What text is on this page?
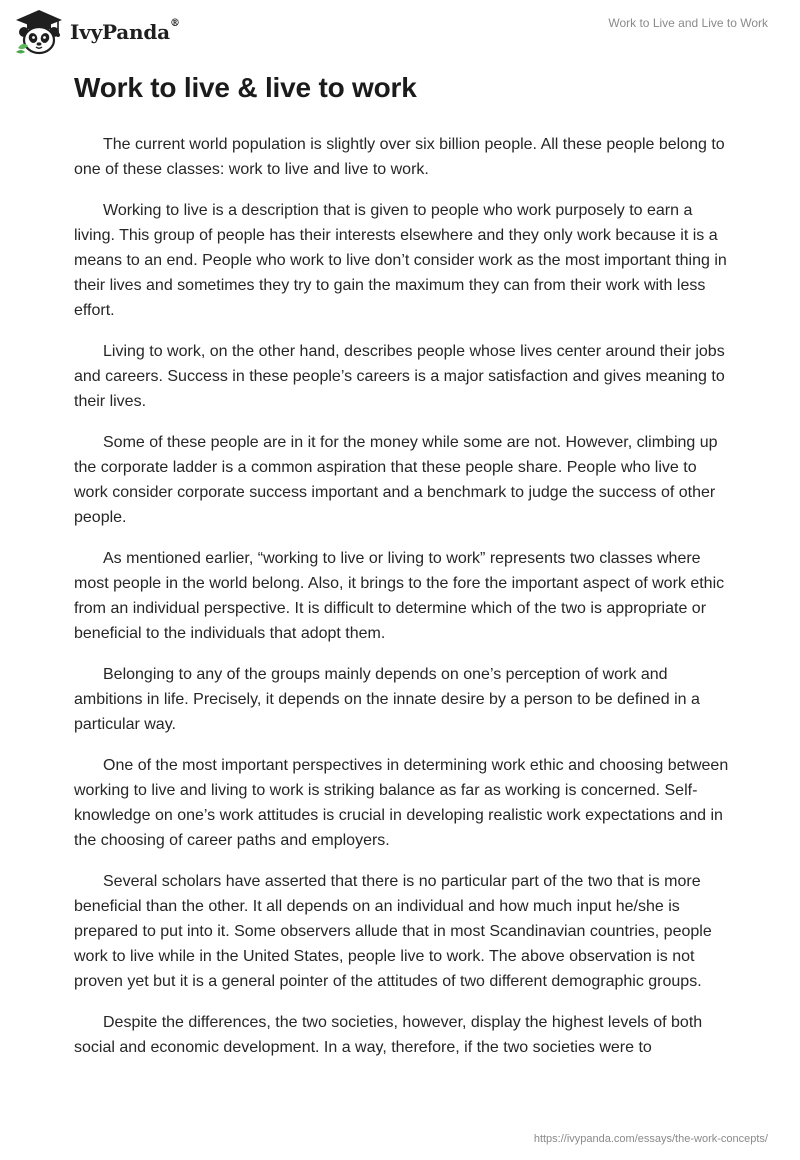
IvyPanda®	Work to Live and Live to Work
Work to live & live to work

The current world population is slightly over six billion people. All these people belong to one of these classes: work to live and live to work.

Working to live is a description that is given to people who work purposely to earn a living. This group of people has their interests elsewhere and they only work because it is a means to an end. People who work to live don’t consider work as the most important thing in their lives and sometimes they try to gain the maximum they can from their work with less effort.

Living to work, on the other hand, describes people whose lives center around their jobs and careers. Success in these people’s careers is a major satisfaction and gives meaning to their lives.

Some of these people are in it for the money while some are not. However, climbing up the corporate ladder is a common aspiration that these people share. People who live to work consider corporate success important and a benchmark to judge the success of other people.

As mentioned earlier, “working to live or living to work” represents two classes where most people in the world belong. Also, it brings to the fore the important aspect of work ethic from an individual perspective. It is difficult to determine which of the two is appropriate or beneficial to the individuals that adopt them.

Belonging to any of the groups mainly depends on one’s perception of work and ambitions in life. Precisely, it depends on the innate desire by a person to be defined in a particular way.

One of the most important perspectives in determining work ethic and choosing between working to live and living to work is striking balance as far as working is concerned. Self-knowledge on one’s work attitudes is crucial in developing realistic work expectations and in the choosing of career paths and employers.

Several scholars have asserted that there is no particular part of the two that is more beneficial than the other. It all depends on an individual and how much input he/she is prepared to put into it. Some observers allude that in most Scandinavian countries, people work to live while in the United States, people live to work. The above observation is not proven yet but it is a general pointer of the attitudes of two different demographic groups.

Despite the differences, the two societies, however, display the highest levels of both social and economic development. In a way, therefore, if the two societies were to

https://ivypanda.com/essays/the-work-concepts/
